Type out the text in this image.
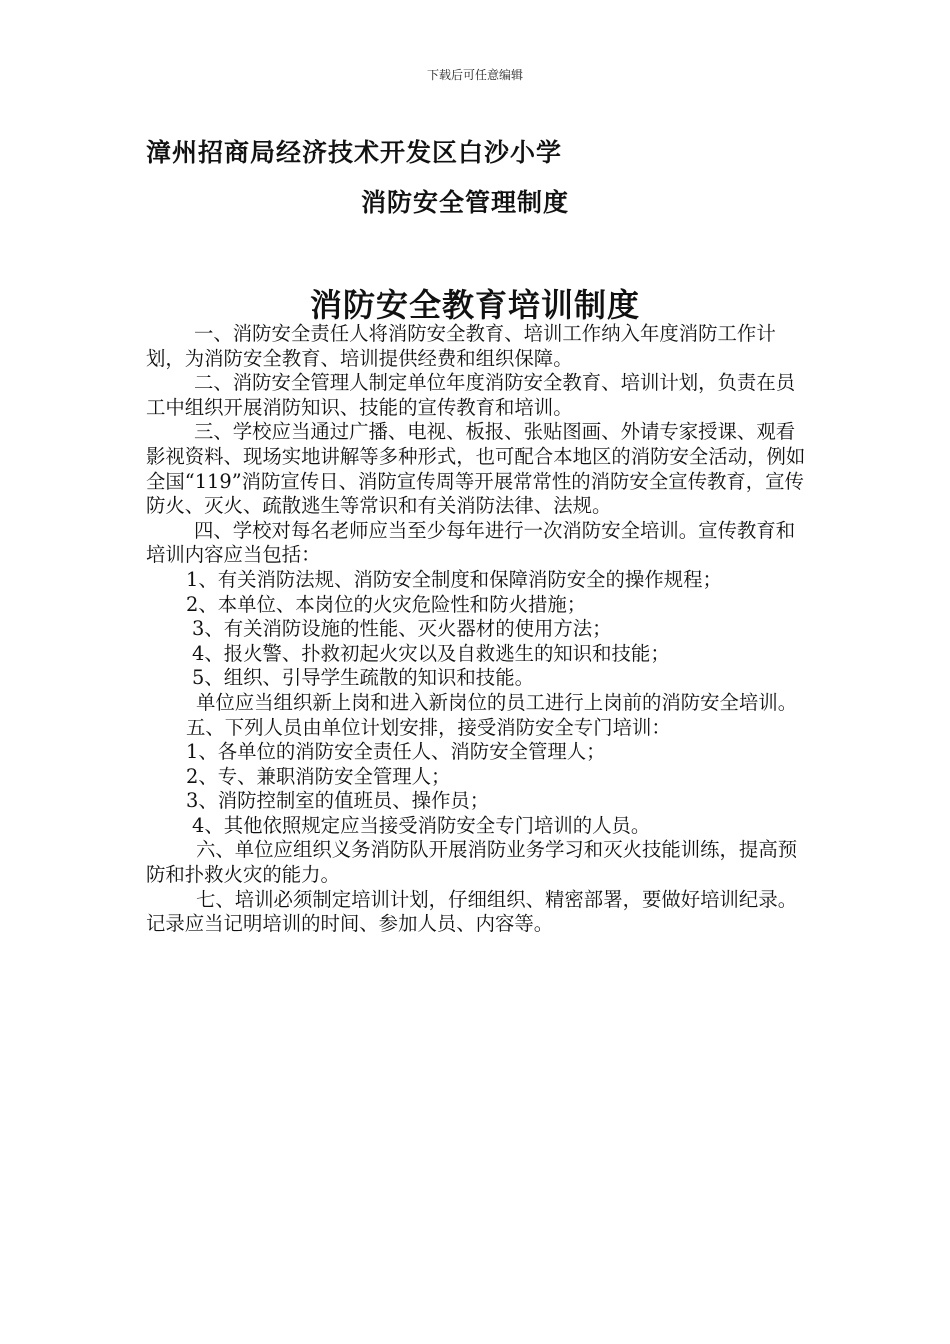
下载后可任意编辑
漳州招商局经济技术开发区白沙小学
消防安全管理制度
消防安全教育培训制度

一、消防安全责任人将消防安全教育、培训工作纳入年度消防工作计划，为消防安全教育、培训提供经费和组织保障。

二、消防安全管理人制定单位年度消防安全教育、培训计划，负责在员工中组织开展消防知识、技能的宣传教育和培训。

三、学校应当通过广播、电视、板报、张贴图画、外请专家授课、观看影视资料、现场实地讲解等多种形式，也可配合本地区的消防安全活动，例如全国“119”消防宣传日、消防宣传周等开展常常性的消防安全宣传教育，宣传防火、灭火、疏散逃生等常识和有关消防法律、法规。

四、学校对每名老师应当至少每年进行一次消防安全培训。宣传教育和培训内容应当包括：

1、有关消防法规、消防安全制度和保障消防安全的操作规程；

2、本单位、本岗位的火灾危险性和防火措施；

3、有关消防设施的性能、灭火器材的使用方法；

4、报火警、扑救初起火灾以及自救逃生的知识和技能；

5、组织、引导学生疏散的知识和技能。

单位应当组织新上岗和进入新岗位的员工进行上岗前的消防安全培训。

五、下列人员由单位计划安排，接受消防安全专门培训：

1、各单位的消防安全责任人、消防安全管理人；

2、专、兼职消防安全管理人；

3、消防控制室的值班员、操作员；

4、其他依照规定应当接受消防安全专门培训的人员。

六、单位应组织义务消防队开展消防业务学习和灭火技能训练，提高预防和扑救火灾的能力。

七、培训必须制定培训计划，仔细组织、精密部署，要做好培训纪录。记录应当记明培训的时间、参加人员、内容等。
